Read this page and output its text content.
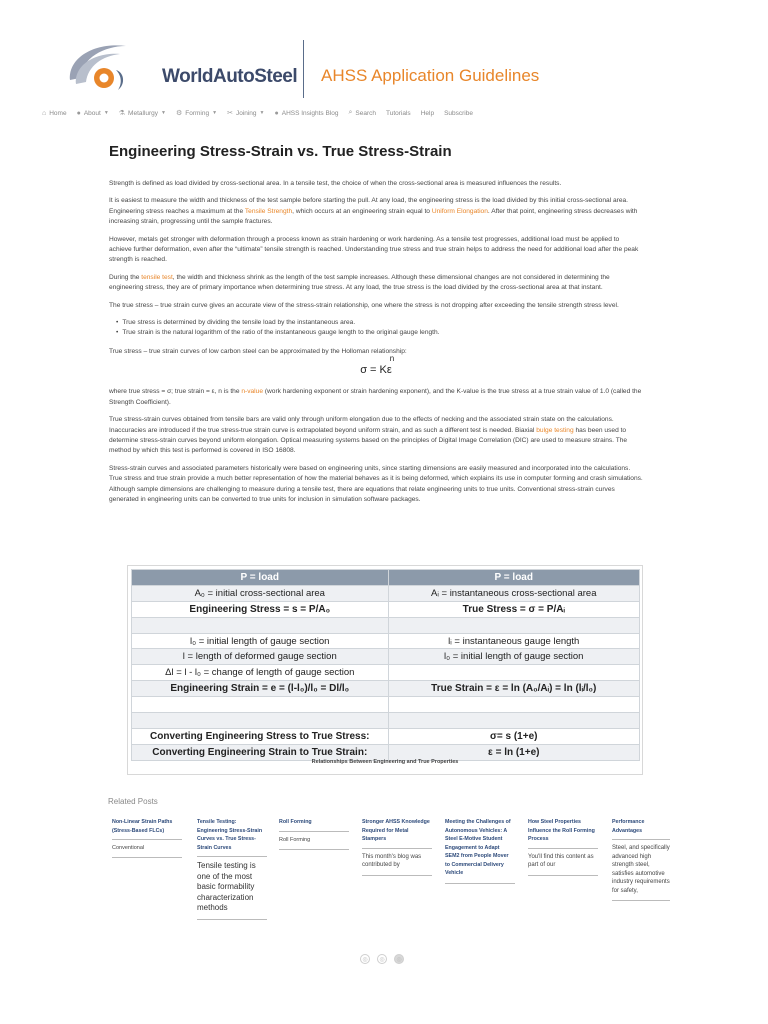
WorldAutoSteel AHSS Application Guidelines
⌂ Home ● About ▼ ⚗ Metallurgy ▼ ⚙ Forming ▼ ✂ Joining ▼ ● AHSS Insights Blog ⌕ Search Tutorials Help Subscribe
Engineering Stress-Strain vs. True Stress-Strain

Strength is defined as load divided by cross-sectional area. In a tensile test, the choice of when the cross-sectional area is measured influences the results.

It is easiest to measure the width and thickness of the test sample before starting the pull. At any load, the engineering stress is the load divided by this initial cross-sectional area. Engineering stress reaches a maximum at the Tensile Strength, which occurs at an engineering strain equal to Uniform Elongation. After that point, engineering stress decreases with increasing strain, progressing until the sample fractures.

However, metals get stronger with deformation through a process known as strain hardening or work hardening. As a tensile test progresses, additional load must be applied to achieve further deformation, even after the “ultimate” tensile strength is reached. Understanding true stress and true strain helps to address the need for additional load after the peak strength is reached.

During the tensile test, the width and thickness shrink as the length of the test sample increases. Although these dimensional changes are not considered in determining the engineering stress, they are of primary importance when determining true stress. At any load, the true stress is the load divided by the cross-sectional area at that instant.

The true stress – true strain curve gives an accurate view of the stress-strain relationship, one where the stress is not dropping after exceeding the tensile strength stress level.

• True stress is determined by dividing the tensile load by the instantaneous area.
• True strain is the natural logarithm of the ratio of the instantaneous gauge length to the original gauge length.

True stress – true strain curves of low carbon steel can be approximated by the Holloman relationship:

σ = Kε
n

where true stress = σ; true strain = ε, n is the n-value (work hardening exponent or strain hardening exponent), and the K-value is the true stress at a true strain value of 1.0 (called the Strength Coefficient).

True stress-strain curves obtained from tensile bars are valid only through uniform elongation due to the effects of necking and the associated strain state on the calculations. Inaccuracies are introduced if the true stress-true strain curve is extrapolated beyond uniform strain, and as such a different test is needed. Biaxial bulge testing has been used to determine stress-strain curves beyond uniform elongation. Optical measuring systems based on the principles of Digital Image Correlation (DIC) are used to measure strains. The method by which this test is performed is covered in ISO 16808.

Stress-strain curves and associated parameters historically were based on engineering units, since starting dimensions are easily measured and incorporated into the calculations. True stress and true strain provide a much better representation of how the material behaves as it is being deformed, which explains its use in computer forming and crash simulations. Although sample dimensions are challenging to measure during a tensile test, there are equations that relate engineering units to true units. Conventional stress-strain curves generated in engineering units can be converted to true units for inclusion in simulation software packages.

P = load	P = load
A₀ = initial cross-sectional area	Aᵢ = instantaneous cross-sectional area
Engineering Stress = s = P/A₀	True Stress = σ = P/Aᵢ

l₀ = initial length of gauge section	lᵢ = instantaneous gauge length
l = length of deformed gauge section	l₀ = initial length of gauge section
Δl = l - l₀ = change of length of gauge section	
Engineering Strain = e = (l-l₀)/l₀ = Dl/l₀	True Strain = ε = ln (A₀/Aᵢ) = ln (lᵢ/l₀)

Converting Engineering Stress to True Stress:	σ= s (1+e)
Converting Engineering Strain to True Strain:	ε = ln (1+e)
Relationships Between Engineering and True Properties
Related Posts
Non-Linear Strain Paths (Stress-Based FLCs)
Conventional
Tensile Testing: Engineering Stress-Strain Curves vs. True Stress-Strain Curves
Tensile testing is one of the most basic formability characterization methods
Roll Forming
Roll Forming
Stronger AHSS Knowledge Required for Metal Stampers
This month's blog was contributed by
Meeting the Challenges of Autonomous Vehicles: A Steel E-Motive Student Engagement to Adapt SEM2 from People Mover to Commercial Delivery Vehicle
How Steel Properties Influence the Roll Forming Process
You'll find this content as part of our
Performance Advantages
Steel, and specifically advanced high strength steel, satisfies automotive industry requirements for safety,
◎	◎	◎
